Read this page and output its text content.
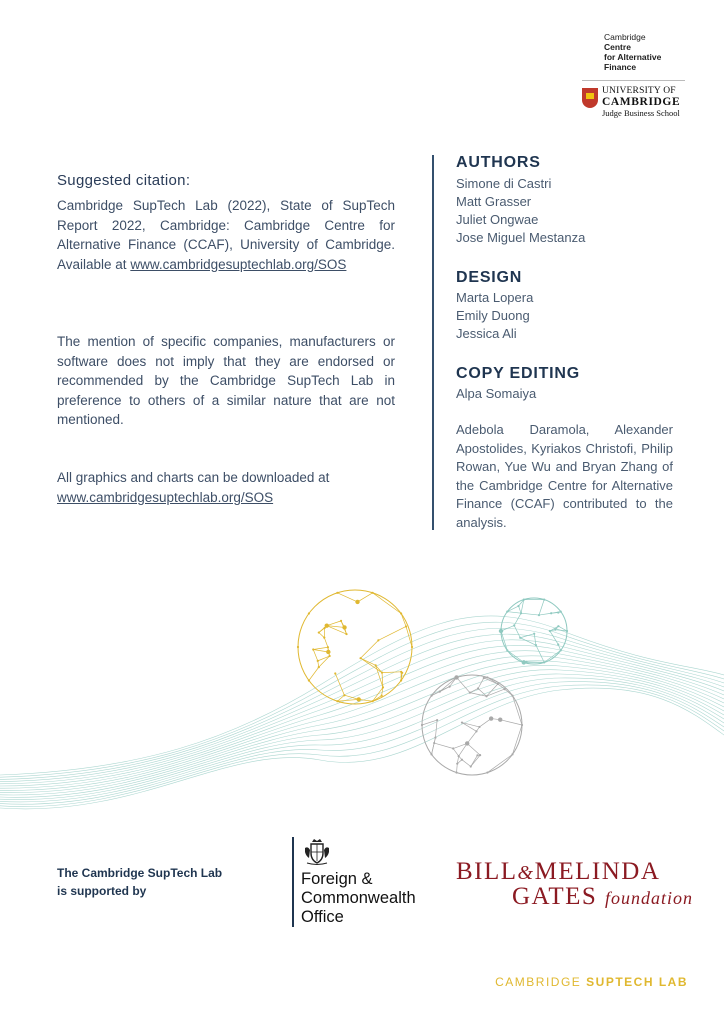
Cambridge
Centre
for Alternative
Finance
UNIVERSITY OF
CAMBRIDGE
Judge Business School
Suggested citation:
Cambridge SupTech Lab (2022), State of SupTech Report 2022, Cambridge: Cambridge Centre for Alternative Finance (CCAF), University of Cambridge. Available at www.cambridgesuptechlab.org/SOS
The mention of specific companies, manufacturers or software does not imply that they are endorsed or recommended by the Cambridge SupTech Lab in preference to others of a similar nature that are not mentioned.
All graphics and charts can be downloaded at www.cambridgesuptechlab.org/SOS
AUTHORS
Simone di Castri
Matt Grasser
Juliet Ongwae
Jose Miguel Mestanza
DESIGN
Marta Lopera
Emily Duong
Jessica Ali
COPY EDITING
Alpa Somaiya
Adebola Daramola, Alexander Apostolides, Kyriakos Christofi, Philip Rowan, Yue Wu and Bryan Zhang of the Cambridge Centre for Alternative Finance (CCAF) contributed to the analysis.
The Cambridge SupTech Lab
is supported by
Foreign &
Commonwealth
Office
BILL&MELINDA
GATES foundation
CAMBRIDGE SUPTECH LAB
